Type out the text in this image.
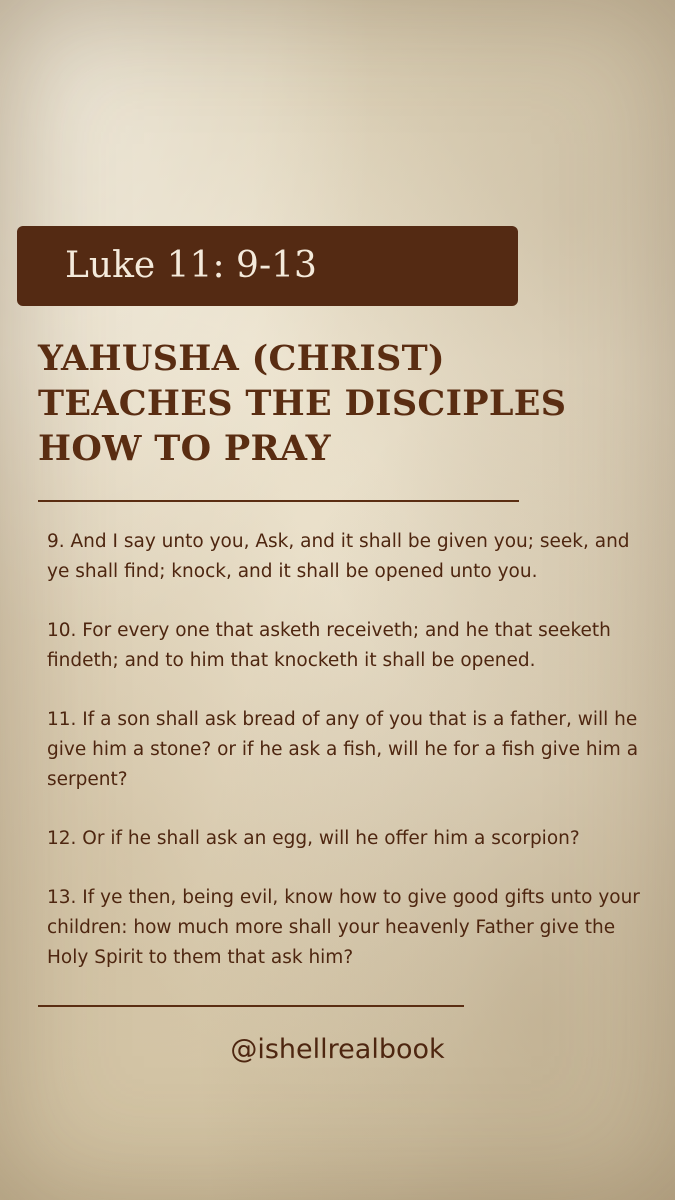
Luke 11: 9-13
YAHUSHA (CHRIST)
TEACHES THE DISCIPLES
HOW TO PRAY

9. And I say unto you, Ask, and it shall be given you; seek, and ye shall find; knock, and it shall be opened unto you.

10. For every one that asketh receiveth; and he that seeketh findeth; and to him that knocketh it shall be opened.

11. If a son shall ask bread of any of you that is a father, will he give him a stone? or if he ask a fish, will he for a fish give him a serpent?

12. Or if he shall ask an egg, will he offer him a scorpion?

13. If ye then, being evil, know how to give good gifts unto your children: how much more shall your heavenly Father give the Holy Spirit to them that ask him?

@ishellrealbook
